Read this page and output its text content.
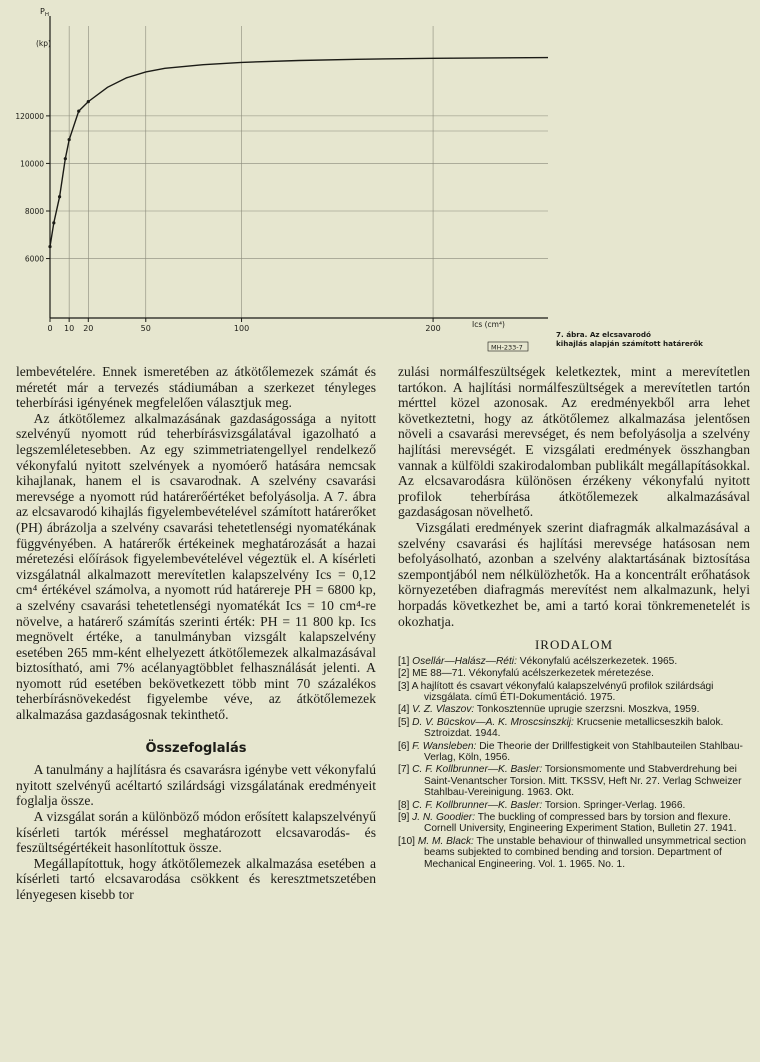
0 10 20	50	100	200
6000
8000
10000
120000
$P_H$
(kp)
Ics (cm⁴)
MH-233-7
7. ábra. Az elcsavarodó
kihajlás alapján számított határerők

lembevételére. Ennek ismeretében az átkötőlemezek számát és méretét már a tervezés stádiumában a szerkezet tényleges teherbírási igényének megfelelően választjuk meg.

Az átkötőlemez alkalmazásának gazdaságossága a nyitott szelvényű nyomott rúd teherbírásvizsgálatával igazolható a legszemléletesebben. Az egy szimmetriatengellyel rendelkező vékonyfalú nyitott szelvények a nyomóerő hatására nemcsak kihajlanak, hanem el is csavarodnak. A szelvény csavarási merevsége a nyomott rúd határerőértéket befolyásolja. A 7. ábra az elcsavarodó kihajlás figyelembevételével számított határerőket (PH) ábrázolja a szelvény csavarási tehetetlenségi nyomatékának függvényében. A határerők értékeinek meghatározását a hazai méretezési előírások figyelembevételével végeztük el. A kísérleti vizsgálatnál alkalmazott merevítetlen kalapszelvény Ics = 0,12 cm⁴ értékével számolva, a nyomott rúd határereje PH = 6800 kp, a szelvény csavarási tehetetlenségi nyomatékát Ics = 10 cm⁴-re növelve, a határerő számítás szerinti érték: PH = 11 800 kp. Ics megnövelt értéke, a tanulmányban vizsgált kalapszelvény esetében 265 mm-ként elhelyezett átkötőlemezek alkalmazásával biztosítható, ami 7% acélanyagtöbblet felhasználását jelenti. A nyomott rúd esetében bekövetkezett több mint 70 százalékos teherbírásnövekedést figyelembe véve, az átkötőlemezek alkalmazása gazdaságosnak tekinthető.

Összefoglalás

A tanulmány a hajlításra és csavarásra igénybe vett vékonyfalú nyitott szelvényű acéltartó szilárdsági vizsgálatának eredményeit foglalja össze.

A vizsgálat során a különböző módon erősített kalapszelvényű kísérleti tartók méréssel meghatározott elcsavarodás- és feszültségértékeit hasonlítottuk össze.

Megállapítottuk, hogy átkötőlemezek alkalmazása esetében a kísérleti tartó elcsavarodása csökkent és keresztmetszetében lényegesen kisebb tor

zulási normálfeszültségek keletkeztek, mint a merevítetlen tartókon. A hajlítási normálfeszültségek a merevítetlen tartón mérttel közel azonosak. Az eredményekből arra lehet következtetni, hogy az átkötőlemez alkalmazása jelentősen növeli a csavarási merevséget, és nem befolyásolja a szelvény hajlítási merevségét. E vizsgálati eredmények összhangban vannak a külföldi szakirodalomban publikált megállapításokkal. Az elcsavarodásra különösen érzékeny vékonyfalú nyitott profilok teherbírása átkötőlemezek alkalmazásával gazdaságosan növelhető.

Vizsgálati eredmények szerint diafragmák alkalmazásával a szelvény csavarási és hajlítási merevsége hatásosan nem befolyásolható, azonban a szelvény alaktartásának biztosítása szempontjából nem nélkülözhetők. Ha a koncentrált erőhatások környezetében diafragmás merevítést nem alkalmazunk, helyi horpadás következhet be, ami a tartó korai tönkremenetelét is okozhatja.

IRODALOM
[1] Osellár—Halász—Réti: Vékonyfalú acélszerkezetek. 1965.
[2] ME 88—71. Vékonyfalú acélszerkezetek méretezése.
[3] A hajlított és csavart vékonyfalú kalapszelvényű profilok szilárdsági vizsgálata. című ÉTI-Dokumentáció. 1975.
[4] V. Z. Vlaszov: Tonkosztennüe uprugie szerzsni. Moszkva, 1959.
[5] D. V. Bücskov—A. K. Mroscsinszkij: Krucsenie metallicseszkih balok. Sztroizdat. 1944.
[6] F. Wansleben: Die Theorie der Drillfestigkeit von Stahlbauteilen Stahlbau-Verlag, Köln, 1956.
[7] C. F. Kollbrunner—K. Basler: Torsionsmomente und Stabverdrehung bei Saint-Venantscher Torsion. Mitt. TKSSV, Heft Nr. 27. Verlag Schweizer Stahlbau-Vereinigung. 1963. Okt.
[8] C. F. Kollbrunner—K. Basler: Torsion. Springer-Verlag. 1966.
[9] J. N. Goodier: The buckling of compressed bars by torsion and flexure. Cornell University, Engineering Experiment Station, Bulletin 27. 1941.
[10] M. M. Black: The unstable behaviour of thinwalled unsymmetrical section beams subjekted to combined bending and torsion. Department of Mechanical Engineering. Vol. 1. 1965. No. 1.
